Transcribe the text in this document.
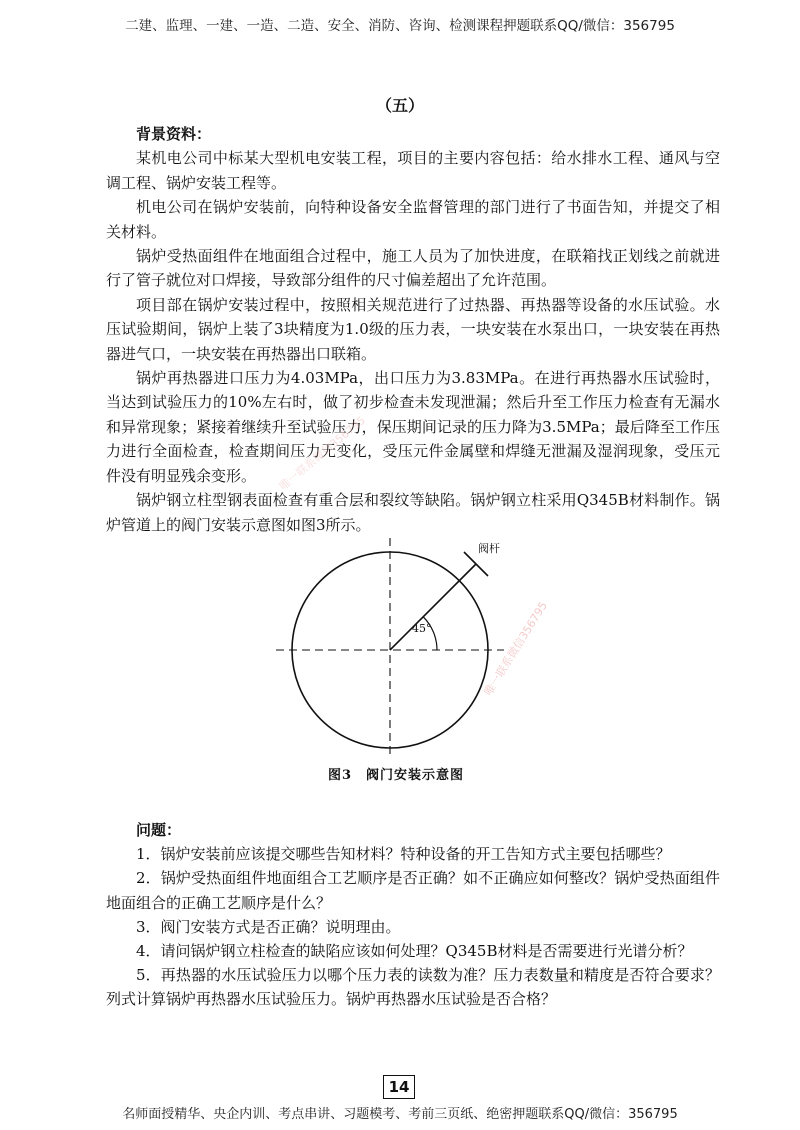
二建、监理、一建、一造、二造、安全、消防、咨询、检测课程押题联系QQ/微信：356795
（五）

背景资料：

某机电公司中标某大型机电安装工程，项目的主要内容包括：给水排水工程、通风与空调工程、锅炉安装工程等。

机电公司在锅炉安装前，向特种设备安全监督管理的部门进行了书面告知，并提交了相关材料。

锅炉受热面组件在地面组合过程中，施工人员为了加快进度，在联箱找正划线之前就进行了管子就位对口焊接，导致部分组件的尺寸偏差超出了允许范围。

项目部在锅炉安装过程中，按照相关规范进行了过热器、再热器等设备的水压试验。水压试验期间，锅炉上装了3块精度为1.0级的压力表，一块安装在水泵出口，一块安装在再热器进气口，一块安装在再热器出口联箱。

锅炉再热器进口压力为4.03MPa，出口压力为3.83MPa。在进行再热器水压试验时，当达到试验压力的10%左右时，做了初步检查未发现泄漏；然后升至工作压力检查有无漏水和异常现象；紧接着继续升至试验压力，保压期间记录的压力降为3.5MPa；最后降至工作压力进行全面检查，检查期间压力无变化，受压元件金属壁和焊缝无泄漏及湿润现象，受压元件没有明显残余变形。

锅炉钢立柱型钢表面检查有重合层和裂纹等缺陷。锅炉钢立柱采用Q345B材料制作。锅炉管道上的阀门安装示意图如图3所示。

45°
阀杆
图3　阀门安装示意图
唯一联系微信356795
唯一联系微信356795

问题：

1．锅炉安装前应该提交哪些告知材料？特种设备的开工告知方式主要包括哪些？

2．锅炉受热面组件地面组合工艺顺序是否正确？如不正确应如何整改？锅炉受热面组件地面组合的正确工艺顺序是什么？

3．阀门安装方式是否正确？说明理由。

4．请问锅炉钢立柱检查的缺陷应该如何处理？Q345B材料是否需要进行光谱分析？

5．再热器的水压试验压力以哪个压力表的读数为准？压力表数量和精度是否符合要求？列式计算锅炉再热器水压试验压力。锅炉再热器水压试验是否合格？

14
名师面授精华、央企内训、考点串讲、习题模考、考前三页纸、绝密押题联系QQ/微信：356795
